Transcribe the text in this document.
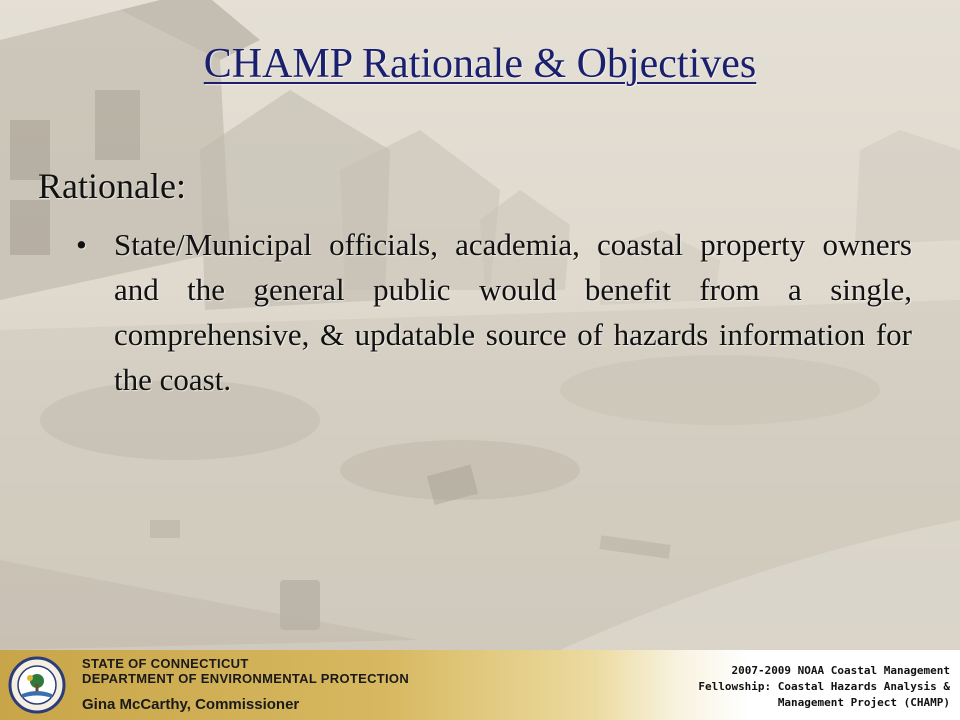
CHAMP Rationale & Objectives
Rationale:
• State/Municipal officials, academia, coastal property owners and the general public would benefit from a single, comprehensive, & updatable source of hazards information for the coast.
STATE OF CONNECTICUT
DEPARTMENT OF ENVIRONMENTAL PROTECTION
Gina McCarthy, Commissioner
2007-2009 NOAA Coastal Management
Fellowship: Coastal Hazards Analysis &
Management Project (CHAMP)
